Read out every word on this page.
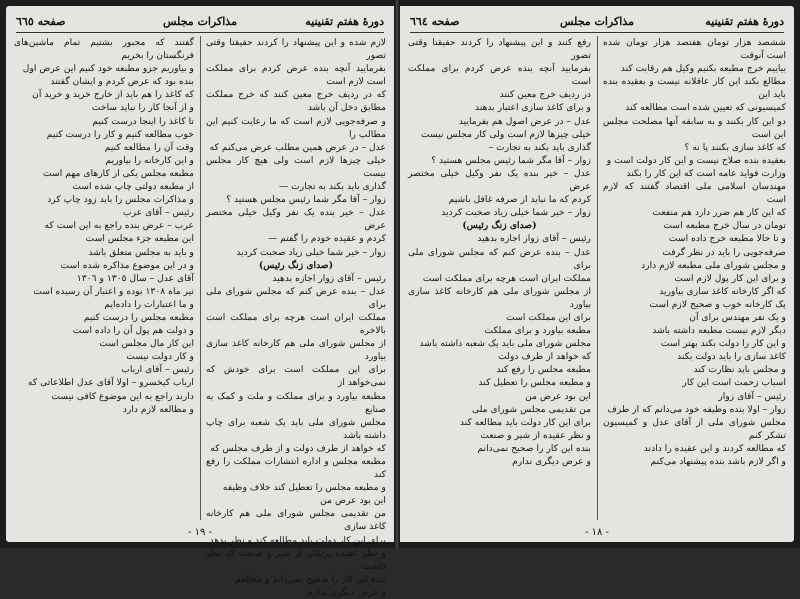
دورهٔ هفتم تقنینیه
مذاکرات مجلس
صفحه ٦٦٥

لازم شده و این پیشنهاد را کردند حقیقتا وقتی تصور

بفرمایید آنچه بنده عرض کردم برای مملکت است لازم است

که در ردیف خرج معین کنند که خرج مملکت مطابق دخل آن باشد

و صرفه‌جویی لازم است که ما رعایت کنیم این مطالب را

عدل – در عرض همین مطلب عرض می‌کنم که

خیلی چیزها لازم است ولی هیچ کار مجلس نیست

گذاری باید بکند به تجارت —

زوار – آقا مگر شما رئیس مجلس هستید ؟

عدل – خیر بنده یک نفر وکیل خیلی مختصر عرض

کردم و عقیده خودم را گفتم —

زوار – خیر شما خیلی زیاد صحبت کردید

(صدای زنگ رئیس)

رئیس – آقای زوار اجازه بدهید

عدل – بنده عرض کنم که مجلس شورای ملی برای

مملکت ایران است هرچه برای مملکت است بالاخره

از مجلس شورای ملی هم کارخانه کاغذ سازی بیاورد

برای این مملکت است برای خودش که نمی‌خواهد از

مطبعه بیاورد و برای مملکت و ملت و کمک به صنایع

مجلس شورای ملی باید یک شعبه برای چاپ داشته باشد

که خواهد از طرف دولت و از طرف مجلس که

مطبعه مجلس و اداره انتشارات مملکت را رفع کند

و مطبعه مجلس را تعطیل کند خلاف وظیفه

این بود عرض من

من تقدیمی مجلس شورای ملی هم کارخانه کاغذ سازی

برای این کار دولت باید مطالعه کند و نظر بدهد

و نظر عقیده پرتکان از شیر و صنعت که نظر داشت

بنده این کار را صحیح نمی‌دانم و مخالفم

و عرض دیگری ندارم

گفتند که مجبور بشتیم تمام ماشین‌های فرنگستان را بخریم

و بیاوریم جزو مطبعه خود کنیم این عرض اول

بنده بود که عرض کردم و ایشان گفتند

که کاغذ را هم باید از خارج خرید و خرید آن

و از آنجا کار را نباید ساخت

تا کاغذ را اینجا درست کنیم

خوب مطالعه کنیم و کار را درست کنیم

وقت آن را مطالعه کنیم

و این کارخانه را بیاوریم

مطبعه مجلس یکی از کارهای مهم است

از مطبعه دولتی چاپ شده است

و مذاکرات مجلس را باید زود چاپ کرد

رئیس – آقای عرب

عرب – عرض بنده راجع به این است که

این مطبعه جزء مجلس است

و باید به مجلس متعلق باشد

و در این موضوع مذاکره شده است

آقای عدل – سال ١٣٠٥ و ١٣٠٦

تیر ماه ١٣٠٨ بوده و اعتبار آن رسیده است

و ما اعتبارات را داده‌ایم

مطبعه مجلس را درست کنیم

و دولت هم پول آن را داده است

این کار مال مجلس است

و کار دولت نیست

رئیس – آقای ارباب

ارباب کیخسرو – اولا آقای عدل اطلاعاتی که

دارند راجع به این موضوع کافی نیست

و مطالعه لازم دارد

- ١٩ -
دورهٔ هفتم تقنینیه
مذاکرات مجلس
صفحه ٦٦٤

ششصد هزار تومان هفتصد هزار تومان شده است آنوقت

بیاییم خرج مطبعه بکنیم وکیل هم رقابت کند

مطالع بکند این کار عاقلانه نیست و بعقیده بنده باید این

کمیسیونی که تعیین شده است مطالعه کند

دو این کار بکنند و به سابقه آنها مصلحت مجلس این است

که کاغذ سازی بکنند یا نه ؟

بعقیده بنده صلاح نیست و این کار دولت است و

وزارت فواید عامه است که این کار را بکند

مهندسان اسلامی ملی اقتصاد گفتند که لازم است

که این کار هم ضرر دارد هم منفعت

تومان در سال خرج مطبعه است

و تا حالا مطبعه خرج داده است

صرفه‌جویی را باید در نظر گرفت

و مجلس شورای ملی مطبعه لازم دارد

و برای این کار پول لازم است

که اگر کارخانه کاغذ سازی بیاورید

یک کارخانه خوب و صحیح لازم است

و یک نفر مهندس برای آن

دیگر لازم نیست مطبعه داشته باشد

و این کار را دولت بکند بهتر است

کاغذ سازی را باید دولت بکند

و مجلس باید نظارت کند

اسباب زحمت است این کار

رئیس – آقای زوار

زوار – اولا بنده وظیفه خود می‌دانم که از طرف

مجلس شورای ملی از آقای عدل و کمیسیون تشکر کنم

که مطالعه کردند و این عقیده را دادند

و اگر لازم باشد بنده پیشنهاد می‌کنم

رفع کنند و این پیشنهاد را کردند حقیقتا وقتی تصور

بفرمایید آنچه بنده عرض کردم برای مملکت است

در ردیف خرج معین کنند

و برای کاغذ سازی اعتبار بدهند

عدل – در عرض اصول هم بفرمایید

خیلی چیزها لازم است ولی کار مجلس نیست

گذاری باید بکند به تجارت –

زوار – آقا مگر شما رئیس مجلس هستید ؟

عدل – خیر بنده یک نفر وکیل خیلی مختصر عرض

کردم که ما نباید از صرفه غافل باشیم

زوار – خیر شما خیلی زیاد صحبت کردید

(صدای زنگ رئیس)

رئیس – آقای زوار اجازه بدهید

عدل – بنده عرض کنم که مجلس شورای ملی برای

مملکت ایران است هرچه برای مملکت است

از مجلس شورای ملی هم کارخانه کاغذ سازی بیاورد

برای این مملکت است

مطبعه بیاورد و برای مملکت

مجلس شورای ملی باید یک شعبه داشته باشد

که خواهد از طرف دولت

مطبعه مجلس را رفع کند

و مطبعه مجلس را تعطیل کند

این بود عرض من

من تقدیمی مجلس شورای ملی

برای این کار دولت باید مطالعه کند

و نظر عقیده از شیر و صنعت

بنده این کار را صحیح نمی‌دانم

و عرض دیگری ندارم

- ١٨ -
